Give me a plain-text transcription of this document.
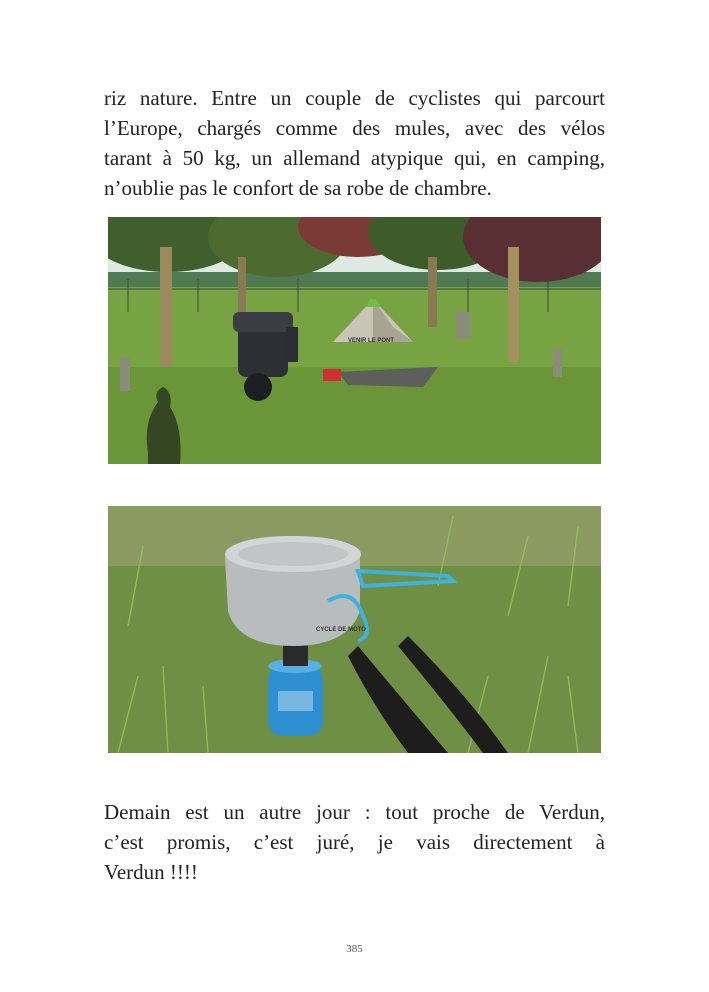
riz nature. Entre un couple de cyclistes qui parcourt
l’Europe, chargés comme des mules, avec des vélos
tarant à 50 kg, un allemand atypique qui, en camping,
n’oublie pas le confort de sa robe de chambre.
VENIR LE PONT
CYCLE DE MOTO
Demain est un autre jour : tout proche de Verdun,
c’est promis, c’est juré, je vais directement à
Verdun !!!!
385
